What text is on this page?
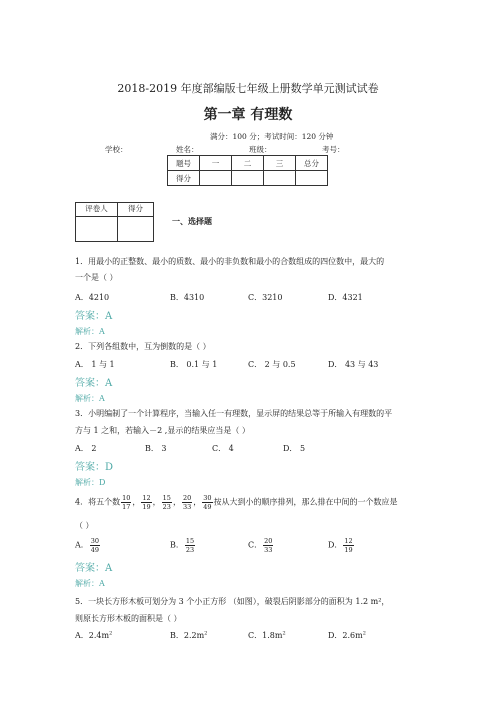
2018-2019 年度部编版七年级上册数学单元测试试卷
第一章 有理数
满分：100 分；考试时间：120 分钟
学校：	姓名：	班级：	考号：
题号	一	二	三	总分
得分				
评卷人	得分

一、选择题
1．用最小的正整数、最小的质数、最小的非负数和最小的合数组成的四位数中，最大的
一个是（ ）
A．4210	B．4310	C．3210	D．4321
答案：A
解析：A
2．下列各组数中，互为倒数的是（ ）
A． 1 与 1	B． 0.1 与 1	C． 2 与 0.5	D． 43 与 43
答案：A
解析：A
3．小明编制了一个计算程序，当输入任一有理数，显示屏的结果总等于所输入有理数的平
方与 1 之和，若输入－2 ,显示的结果应当是（ ）
A． 2	B． 3	C． 4	D． 5
答案：D
解析：D
4．将五个数 $\frac{10}{17}$ ， $\frac{12}{19}$ ， $\frac{15}{23}$ ， $\frac{20}{33}$ ， $\frac{30}{49}$ 按从大到小的顺序排列，那么排在中间的一个数应是
（ ）
A． $\frac{30}{49}$	B． $\frac{15}{23}$	C． $\frac{20}{33}$	D． $\frac{12}{19}$
答案：A
解析：A
5．一块长方形木板可划分为 3 个小正方形 （如图），破裂后阴影部分的面积为 1.2 m²，
则原长方形木板的面积是（ ）
A．$2.4m^2$	B．$2.2m^2$	C．$1.8m^2$	D．$2.6m^2$
